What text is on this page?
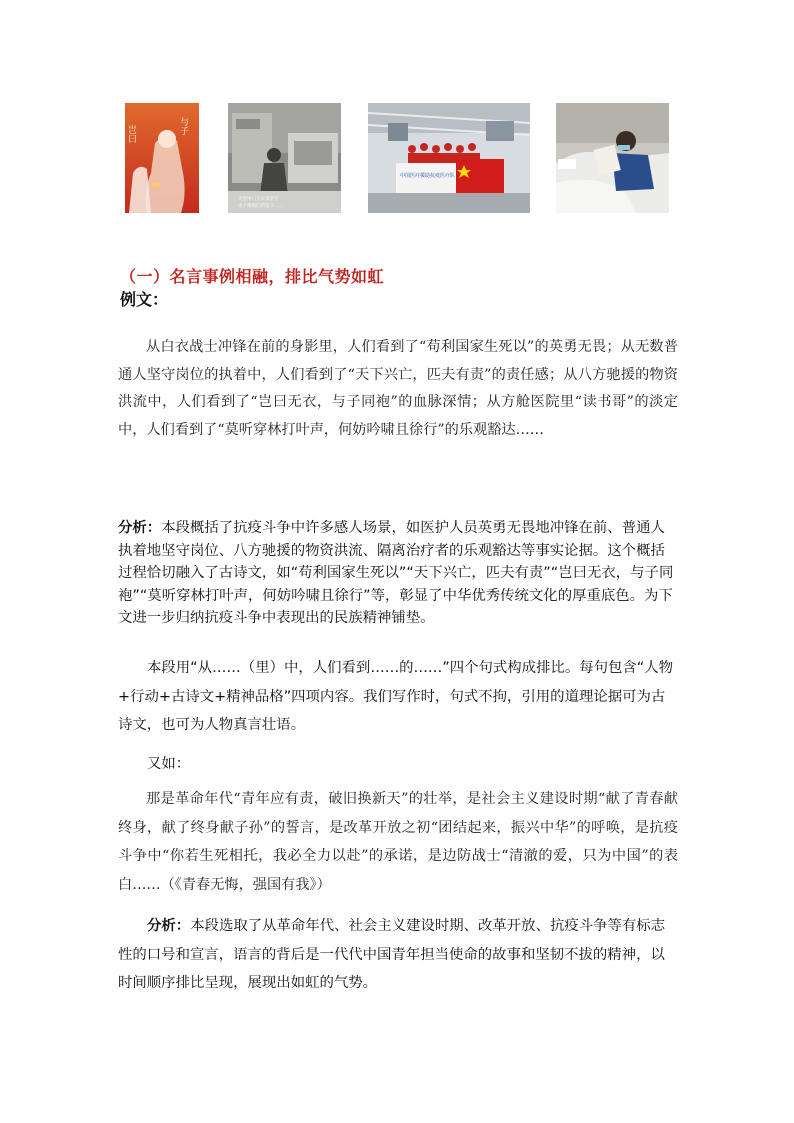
岂曰	与子
大雪中门卫大爷坚守
来个视频们的坚守……
中国医疗援助抗疫医疗队
（一）名言事例相融，排比气势如虹
例文：

从白衣战士冲锋在前的身影里，人们看到了“苟利国家生死以”的英勇无畏；从无数普通人坚守岗位的执着中，人们看到了“天下兴亡，匹夫有责”的责任感；从八方驰援的物资洪流中，人们看到了“岂曰无衣，与子同袍”的血脉深情；从方舱医院里“读书哥”的淡定中，人们看到了“莫听穿林打叶声，何妨吟啸且徐行”的乐观豁达……

分析：本段概括了抗疫斗争中许多感人场景，如医护人员英勇无畏地冲锋在前、普通人执着地坚守岗位、八方驰援的物资洪流、隔离治疗者的乐观豁达等事实论据。这个概括过程恰切融入了古诗文，如“苟利国家生死以”“天下兴亡，匹夫有责”“岂曰无衣，与子同袍”“莫听穿林打叶声，何妨吟啸且徐行”等，彰显了中华优秀传统文化的厚重底色。为下文进一步归纳抗疫斗争中表现出的民族精神铺垫。

本段用“从……（里）中，人们看到……的……”四个句式构成排比。每句包含“人物+行动+古诗文+精神品格”四项内容。我们写作时，句式不拘，引用的道理论据可为古诗文，也可为人物真言壮语。

又如：

那是革命年代“青年应有责，破旧换新天”的壮举，是社会主义建设时期“献了青春献终身，献了终身献子孙”的誓言，是改革开放之初“团结起来，振兴中华”的呼唤，是抗疫斗争中“你若生死相托，我必全力以赴”的承诺，是边防战士“清澈的爱，只为中国”的表白……（《青春无悔，强国有我》）

分析：本段选取了从革命年代、社会主义建设时期、改革开放、抗疫斗争等有标志性的口号和宣言，语言的背后是一代代中国青年担当使命的故事和坚韧不拔的精神，以时间顺序排比呈现，展现出如虹的气势。
